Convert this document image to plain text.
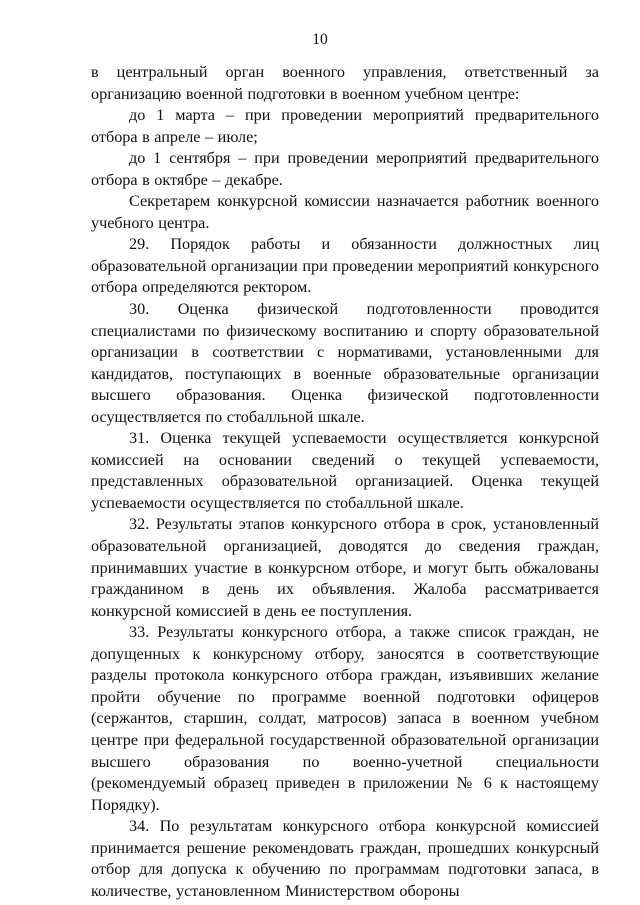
10

в центральный орган военного управления, ответственный за организацию военной подготовки в военном учебном центре:

до 1 марта – при проведении мероприятий предварительного отбора в апреле – июле;

до 1 сентября – при проведении мероприятий предварительного отбора в октябре – декабре.

Секретарем конкурсной комиссии назначается работник военного учебного центра.

29. Порядок работы и обязанности должностных лиц образовательной организации при проведении мероприятий конкурсного отбора определяются ректором.

30. Оценка физической подготовленности проводится специалистами по физическому воспитанию и спорту образовательной организации в соответствии с нормативами, установленными для кандидатов, поступающих в военные образовательные организации высшего образования. Оценка физической подготовленности осуществляется по стобалльной шкале.

31. Оценка текущей успеваемости осуществляется конкурсной комиссией на основании сведений о текущей успеваемости, представленных образовательной организацией. Оценка текущей успеваемости осуществляется по стобалльной шкале.

32. Результаты этапов конкурсного отбора в срок, установленный образовательной организацией, доводятся до сведения граждан, принимавших участие в конкурсном отборе, и могут быть обжалованы гражданином в день их объявления. Жалоба рассматривается конкурсной комиссией в день ее поступления.

33. Результаты конкурсного отбора, а также список граждан, не допущенных к конкурсному отбору, заносятся в соответствующие разделы протокола конкурсного отбора граждан, изъявивших желание пройти обучение по программе военной подготовки офицеров (сержантов, старшин, солдат, матросов) запаса в военном учебном центре при федеральной государственной образовательной организации высшего образования по военно-учетной специальности (рекомендуемый образец приведен в приложении № 6 к настоящему Порядку).

34. По результатам конкурсного отбора конкурсной комиссией принимается решение рекомендовать граждан, прошедших конкурсный отбор для допуска к обучению по программам подготовки запаса, в количестве, установленном Министерством обороны
